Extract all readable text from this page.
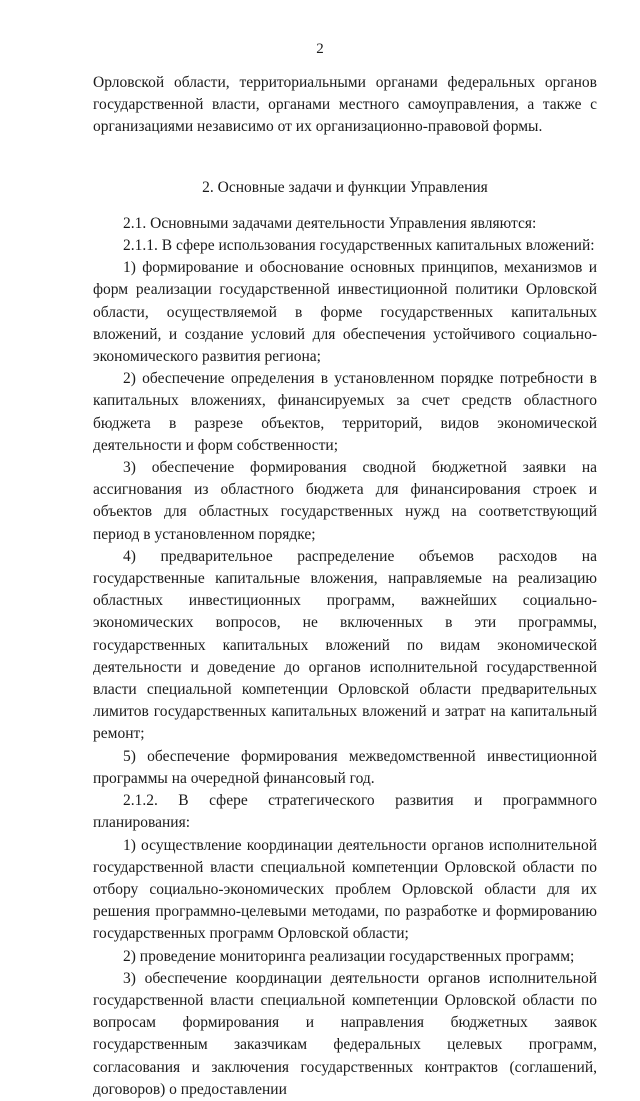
2

Орловской области, территориальными органами федеральных органов государственной власти, органами местного самоуправления, а также с организациями независимо от их организационно-правовой формы.

2. Основные задачи и функции Управления

2.1. Основными задачами деятельности Управления являются:

2.1.1. В сфере использования государственных капитальных вложений:

1) формирование и обоснование основных принципов, механизмов и форм реализации государственной инвестиционной политики Орловской области, осуществляемой в форме государственных капитальных вложений, и создание условий для обеспечения устойчивого социально-экономического развития региона;

2) обеспечение определения в установленном порядке потребности в капитальных вложениях, финансируемых за счет средств областного бюджета в разрезе объектов, территорий, видов экономической деятельности и форм собственности;

3) обеспечение формирования сводной бюджетной заявки на ассигнования из областного бюджета для финансирования строек и объектов для областных государственных нужд на соответствующий период в установленном порядке;

4) предварительное распределение объемов расходов на государственные капитальные вложения, направляемые на реализацию областных инвестиционных программ, важнейших социально-экономических вопросов, не включенных в эти программы, государственных капитальных вложений по видам экономической деятельности и доведение до органов исполнительной государственной власти специальной компетенции Орловской области предварительных лимитов государственных капитальных вложений и затрат на капитальный ремонт;

5) обеспечение формирования межведомственной инвестиционной программы на очередной финансовый год.

2.1.2. В сфере стратегического развития и программного планирования:

1) осуществление координации деятельности органов исполнительной государственной власти специальной компетенции Орловской области по отбору социально-экономических проблем Орловской области для их решения программно-целевыми методами, по разработке и формированию государственных программ Орловской области;

2) проведение мониторинга реализации государственных программ;

3) обеспечение координации деятельности органов исполнительной государственной власти специальной компетенции Орловской области по вопросам формирования и направления бюджетных заявок государственным заказчикам федеральных целевых программ, согласования и заключения государственных контрактов (соглашений, договоров) о предоставлении
